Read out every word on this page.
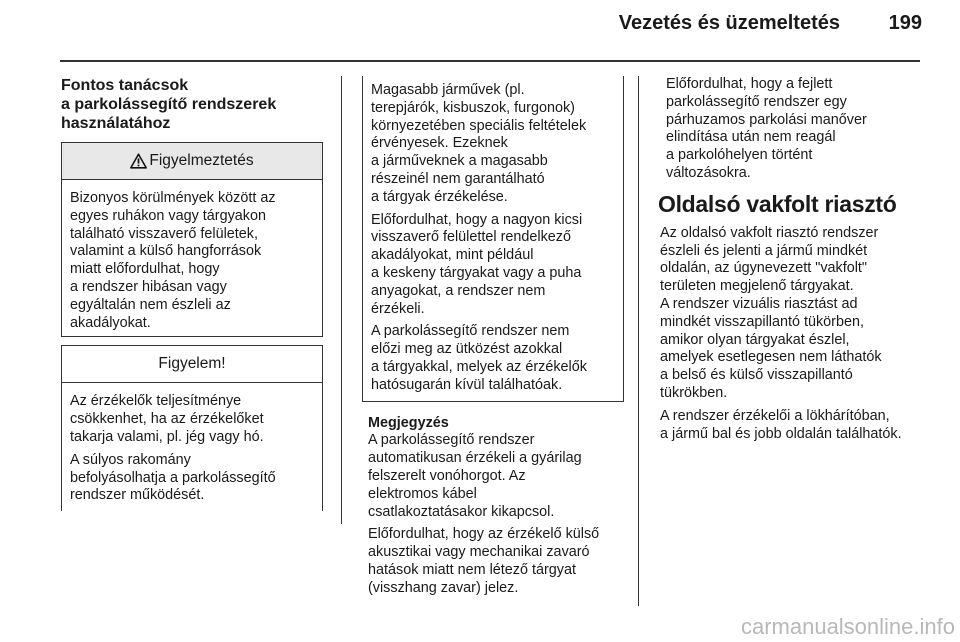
Vezetés és üzemeltetés	199
Fontos tanácsok
a parkolássegítő rendszerek
használatához
Figyelmeztetés
Bizonyos körülmények között az
egyes ruhákon vagy tárgyakon
található visszaverő felületek,
valamint a külső hangforrások
miatt előfordulhat, hogy
a rendszer hibásan vagy
egyáltalán nem észleli az
akadályokat.
Figyelem!

Az érzékelők teljesítménye
csökkenhet, ha az érzékelőket
takarja valami, pl. jég vagy hó.

A súlyos rakomány
befolyásolhatja a parkolássegítő
rendszer működését.

Magasabb járművek (pl.
terepjárók, kisbuszok, furgonok)
környezetében speciális feltételek
érvényesek. Ezeknek
a járműveknek a magasabb
részeinél nem garantálható
a tárgyak érzékelése.

Előfordulhat, hogy a nagyon kicsi
visszaverő felülettel rendelkező
akadályokat, mint például
a keskeny tárgyakat vagy a puha
anyagokat, a rendszer nem
érzékeli.

A parkolássegítő rendszer nem
előzi meg az ütközést azokkal
a tárgyakkal, melyek az érzékelők
hatósugarán kívül találhatóak.

Megjegyzés

A parkolássegítő rendszer
automatikusan érzékeli a gyárilag
felszerelt vonóhorgot. Az
elektromos kábel
csatlakoztatásakor kikapcsol.

Előfordulhat, hogy az érzékelő külső
akusztikai vagy mechanikai zavaró
hatások miatt nem létező tárgyat
(visszhang zavar) jelez.

Előfordulhat, hogy a fejlett
parkolássegítő rendszer egy
párhuzamos parkolási manőver
elindítása után nem reagál
a parkolóhelyen történt
változásokra.

Oldalsó vakfolt riasztó

Az oldalsó vakfolt riasztó rendszer
észleli és jelenti a jármű mindkét
oldalán, az úgynevezett "vakfolt"
területen megjelenő tárgyakat.
A rendszer vizuális riasztást ad
mindkét visszapillantó tükörben,
amikor olyan tárgyakat észlel,
amelyek esetlegesen nem láthatók
a belső és külső visszapillantó
tükrökben.

A rendszer érzékelői a lökhárítóban,
a jármű bal és jobb oldalán találhatók.

carmanualsonline.info
